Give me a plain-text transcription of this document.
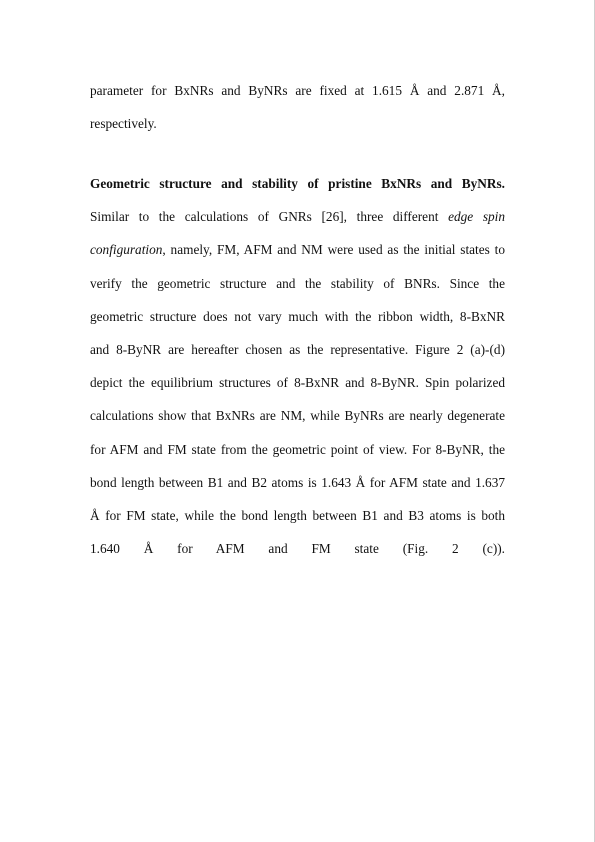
parameter for BxNRs and ByNRs are fixed at 1.615 Å and 2.871 Å,
respectively.
Geometric structure and stability of pristine BxNRs and ByNRs.
Similar to the calculations of GNRs [26], three different edge spin
configuration, namely, FM, AFM and NM were used as the initial states to
verify the geometric structure and the stability of BNRs. Since the
geometric structure does not vary much with the ribbon width, 8-BxNR
and 8-ByNR are hereafter chosen as the representative. Figure 2 (a)-(d)
depict the equilibrium structures of 8-BxNR and 8-ByNR. Spin polarized
calculations show that BxNRs are NM, while ByNRs are nearly degenerate
for AFM and FM state from the geometric point of view. For 8-ByNR, the
bond length between B1 and B2 atoms is 1.643 Å for AFM state and 1.637
Å for FM state, while the bond length between B1 and B3 atoms is both
1.640 Å for AFM and FM state (Fig. 2 (c)).
